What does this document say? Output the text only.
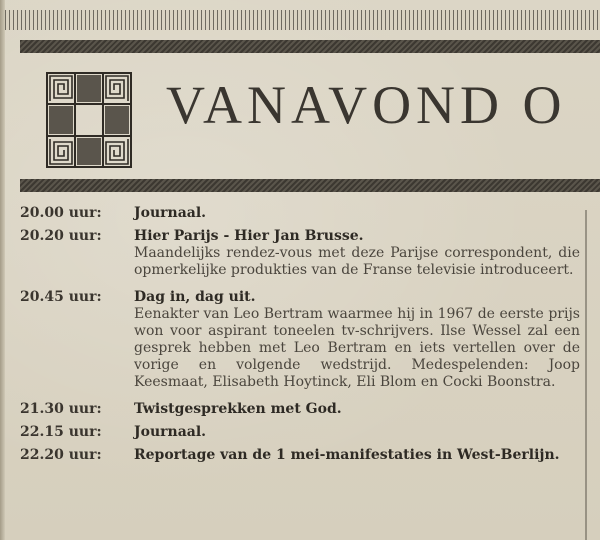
VANAVOND O
20.00 uur:	Journaal.
20.20 uur:	Hier Parijs - Hier Jan Brusse.
Maandelijks rendez-vous met deze Parijse correspondent, die opmerkelijke produkties van de Franse televisie introduceert.
20.45 uur:	Dag in, dag uit.
Eenakter van Leo Bertram waarmee hij in 1967 de eerste prijs won voor aspirant toneelen tv-schrijvers. Ilse Wessel zal een gesprek hebben met Leo Bertram en iets vertellen over de vorige en volgende wedstrijd. Medespelenden: Joop Keesmaat, Elisabeth Hoytinck, Eli Blom en Cocki Boonstra.
21.30 uur:	Twistgesprekken met God.
22.15 uur:	Journaal.
22.20 uur:	Reportage van de 1 mei-manifestaties in West-Berlijn.
